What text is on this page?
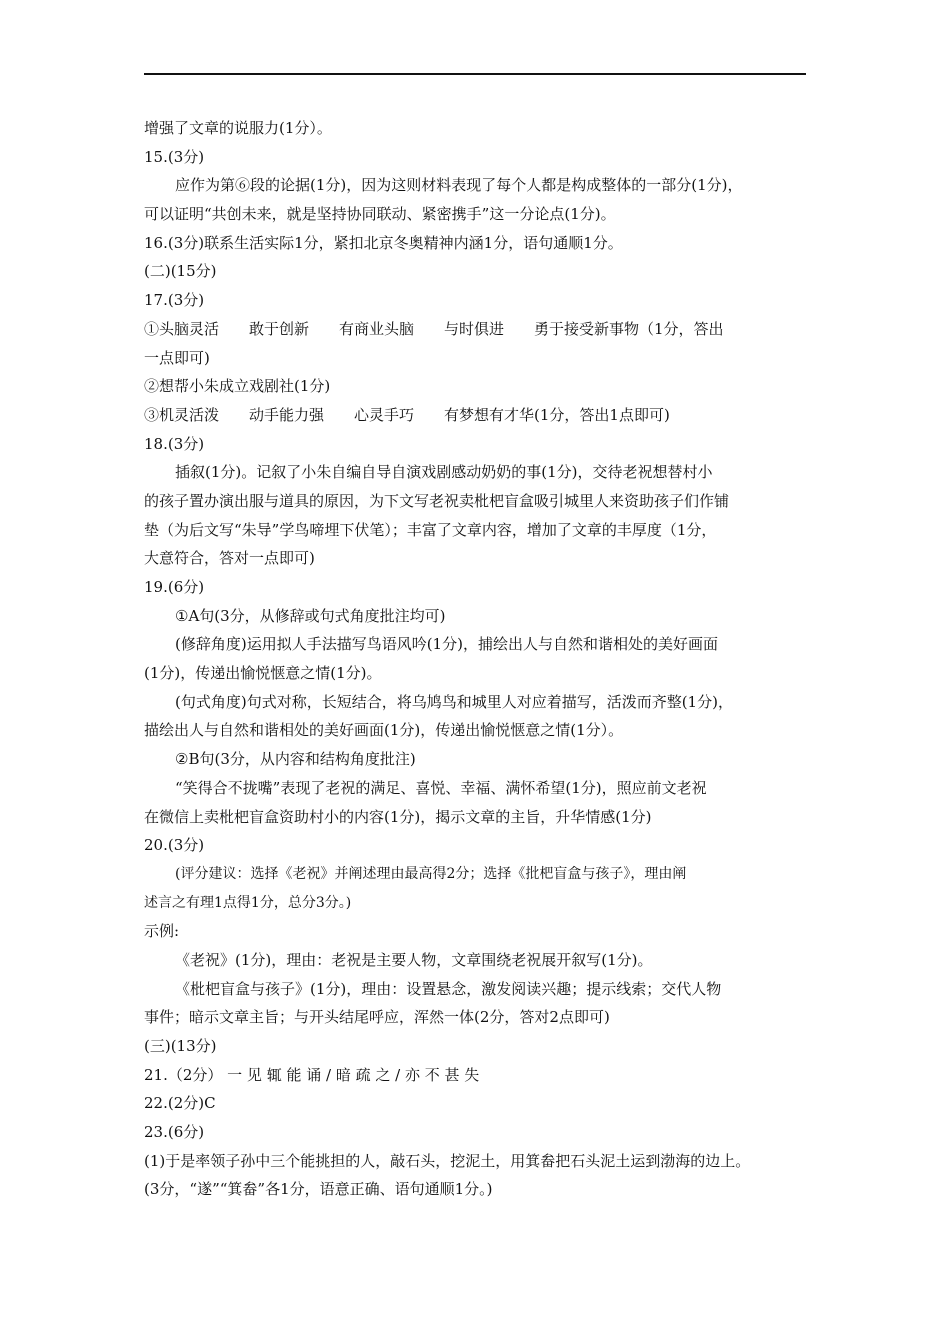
增强了文章的说服力(1分）。
15.(3分)
应作为第⑥段的论据(1分)，因为这则材料表现了每个人都是构成整体的一部分(1分)，
可以证明“共创未来，就是坚持协同联动、紧密携手”这一分论点(1分)。
16.(3分)联系生活实际1分，紧扣北京冬奥精神内涵1分，语句通顺1分。
(二)(15分)
17.(3分)
①头脑灵活　　敢于创新　　有商业头脑　　与时俱进　　勇于接受新事物（1分，答出
一点即可)
②想帮小朱成立戏剧社(1分)
③机灵活泼　　动手能力强　　心灵手巧　　有梦想有才华(1分，答出1点即可)
18.(3分)
插叙(1分)。记叙了小朱自编自导自演戏剧感动奶奶的事(1分)，交待老祝想替村小
的孩子置办演出服与道具的原因，为下文写老祝卖枇杷盲盒吸引城里人来资助孩子们作铺
垫（为后文写“朱导”学鸟啼埋下伏笔）；丰富了文章内容，增加了文章的丰厚度（1分，
大意符合，答对一点即可)
19.(6分)
①A句(3分，从修辞或句式角度批注均可)
(修辞角度)运用拟人手法描写鸟语风吟(1分)，捕绘出人与自然和谐相处的美好画面
(1分)，传递出愉悦惬意之情(1分)。
(句式角度)句式对称，长短结合，将乌鸠鸟和城里人对应着描写，活泼而齐整(1分)，
描绘出人与自然和谐相处的美好画面(1分)，传递出愉悦惬意之情(1分）。
②B句(3分，从内容和结构角度批注)
“笑得合不拢嘴”表现了老祝的满足、喜悦、幸福、满怀希望(1分)，照应前文老祝
在微信上卖枇杷盲盒资助村小的内容(1分)，揭示文章的主旨，升华情感(1分)
20.(3分)
(评分建议：选择《老祝》并阐述理由最高得2分；选择《批杷盲盒与孩子》，理由阐
述言之有理1点得1分，总分3分。)
示例:
《老祝》(1分)，理由：老祝是主要人物，文章围绕老祝展开叙写(1分)。
《枇杷盲盒与孩子》(1分)，理由：设置悬念，激发阅读兴趣；提示线索；交代人物
事件；暗示文章主旨；与开头结尾呼应，浑然一体(2分，答对2点即可)
(三)(13分)
21.（2分） 一 见 辄 能 诵 / 暗 疏 之 / 亦 不 甚 失
22.(2分)C
23.(6分)
(1)于是率领子孙中三个能挑担的人，敲石头，挖泥土，用箕畚把石头泥土运到渤海的边上。
(3分，“遂”“箕畚”各1分，语意正确、语句通顺1分。)
